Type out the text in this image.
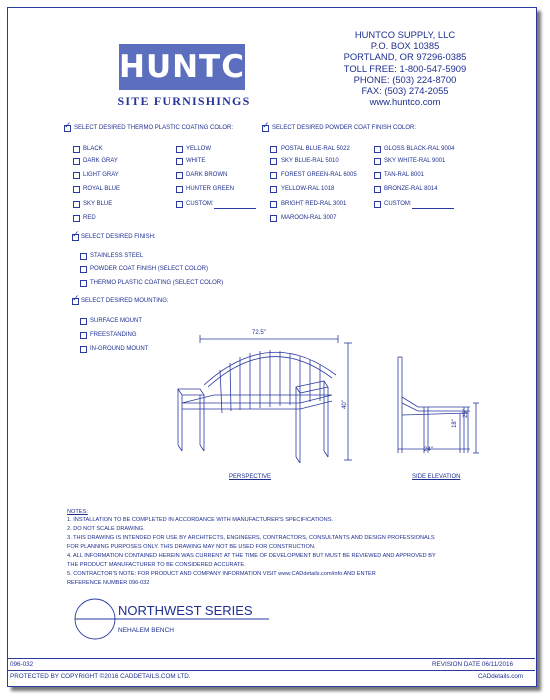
HUNTCO
SITE FURNISHINGS
HUNTCO SUPPLY, LLC
P.O. BOX 10385
PORTLAND, OR 97296-0385
TOLL FREE: 1-800-547-5909
PHONE: (503) 224-8700
FAX: (503) 274-2055
www.huntco.com
✓ SELECT DESIRED THERMO PLASTIC COATING COLOR:
BLACK
DARK GRAY
LIGHT GRAY
ROYAL BLUE
SKY BLUE
RED
YELLOW
WHITE
DARK BROWN
HUNTER GREEN
CUSTOM:
✓ SELECT DESIRED POWDER COAT FINISH COLOR:
POSTAL BLUE-RAL 5022
SKY BLUE-RAL 5010
FOREST GREEN-RAL 6005
YELLOW-RAL 1018
BRIGHT RED-RAL 3001
MAROON-RAL 3007
GLOSS BLACK-RAL 9004
SKY WHITE-RAL 9001
TAN-RAL 8001
BRONZE-RAL 8014
CUSTOM:
✓ SELECT DESIRED FINISH:
STAINLESS STEEL
POWDER COAT FINISH (SELECT COLOR)
THERMO PLASTIC COATING (SELECT COLOR)
✓ SELECT DESIRED MOUNTING:
SURFACE MOUNT
FREESTANDING
IN-GROUND MOUNT
72.5"
40"
24"
18"
25"
PERSPECTIVE	SIDE ELEVATION
NOTES:
1. INSTALLATION TO BE COMPLETED IN ACCORDANCE WITH MANUFACTURER'S SPECIFICATIONS.
2. DO NOT SCALE DRAWING.
3. THIS DRAWING IS INTENDED FOR USE BY ARCHITECTS, ENGINEERS, CONTRACTORS, CONSULTANTS AND DESIGN PROFESSIONALS
FOR PLANNING PURPOSES ONLY. THIS DRAWING MAY NOT BE USED FOR CONSTRUCTION.
4. ALL INFORMATION CONTAINED HEREIN WAS CURRENT AT THE TIME OF DEVELOPMENT BUT MUST BE REVIEWED AND APPROVED BY
THE PRODUCT MANUFACTURER TO BE CONSIDERED ACCURATE.
5. CONTRACTOR'S NOTE: FOR PRODUCT AND COMPANY INFORMATION VISIT www.CADdetails.com/info AND ENTER
REFERENCE NUMBER 096-032
NORTHWEST SERIES
NEHALEM BENCH
096-032	REVISION DATE 06/11/2016
PROTECTED BY COPYRIGHT ©2016 CADDETAILS.COM LTD.	CADdetails.com
